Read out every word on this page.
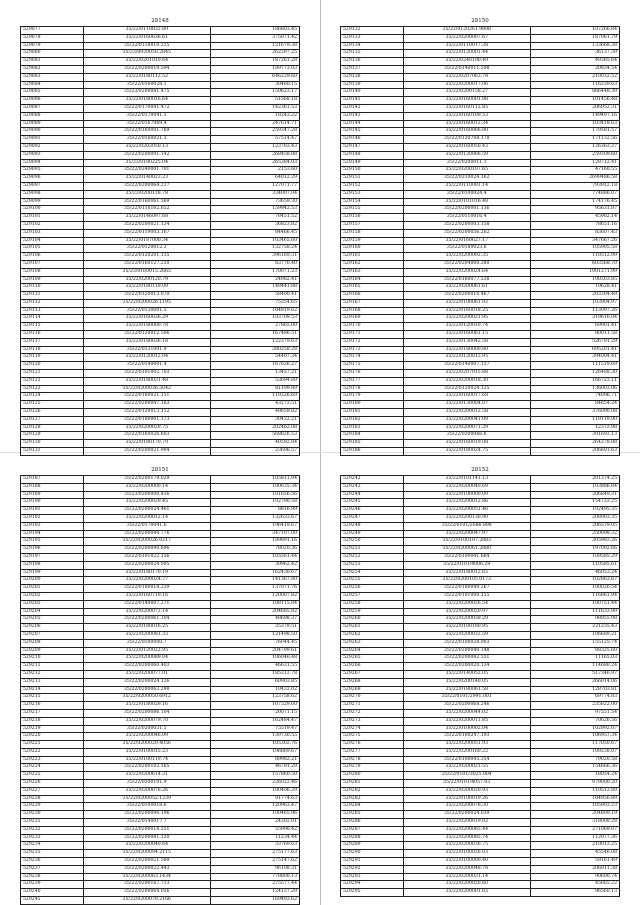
28148
529077	35/22/0118832.89	186803.45
529078	35/22/0160636.61	375071.42
529079	35/22/0118810.235	131679.38
529080	35/23/0920050.2845	262397.25
529081	35/22/0201010.64	187261.28
529082	35/22/0200019.594	189773.03
529083	35/22/0180112.52	646229.60
529084	35/22/0160028.1	30460.15
529085	35/23/0200081.475	150623.17
529086	35/22/0180016.64	51568.18
529087	35/22/0170041.472	142361.53
529088	35/22/0170041.1	18243.22
529089	35/22/0167069.4	247614.71
529090	35/22/0160001.769	259347.28
529091	35/22/0160021.3	57514.47
529092	35/22/0203050.13	123783.43
529093	35/22/0200091.142	268458.88
529094	35/23/0180225.04	265384.03
529095	35/22/0240001.701	2153.60
529096	35/22/0140023.23	64012.29
529097	35/22/0200064.237	127071.77
529098	35/23/0200118.78	334007.04
529099	35/22/0160061.569	73659.30
529100	35/22/0116162.652	159942.53
529101	35/22/0146097.68	78451.52
529102	35/22/0200021.134	36823.82
529103	35/22/0119003.167	84466.45
529104	35/22/0187000.34	103465.60
529105	35/22/0120012.3	132758.24
529106	35/22/0120201.135	396169.31
529107	35/22/0160127.250	83776.40
529108	35/23/0160015.2665	170071.23
529109	35/22/0200120.79	24982.41
529110	35/22/0180119.09	148441.88
529111	35/22/0120013.070	58400.41
529112	35/22/0200026.1195	75354.65
529113	35/22/0130001.5	104819.62
529114	35/22/0160036.29	103709.53
529115	35/22/0180000.78	27865.00
529116	35/22/0120012.506	167486.51
529117	35/22/0180036.18	122379.63
529118	35/22/0131001.9	280258.28
529119	35/22/0120012.04	54407.34
529120	35/22/0140001.4	167636.27
529121	35/22/0101002.703	13457.21
529122	35/22/0180031.48	53694.89
529123	35/22/0200036.5042	81199.89
529124	35/22/0160021.151	119326.69
529125	35/22/0200047.163	43273.51
529126	35/22/0120013.152	49659.82
529127	35/22/0100001.173	30432.21
529128	35/22/0200029.75	202462.08
529129	35/22/0160026.603	568826.53
529130	35/22/0180170.79	40592.84
529131	35/22/0200021.904	23696.57
28150
529132	35/22/0120261.9808	107266.84
529133	35/22/0200007.67	187061.79
529134	35/22/0110017.38	133668.38
529135	35/22/0120001.44	36137.39
529136	35/22/0240190.49	49385.64
529137	35/22/0140011.598	20834.54
529138	35/22/0207063.78	210032.52
529139	35/22/0200017.06	116239.63
529140	35/22/0200158.27	866448.39
529141	35/22/0160001.98	101456.48
529142	35/22/0160112.85	206052.31
529143	35/22/0160109.53	149497.16
529144	35/22/0160012.34	103418.63
529145	35/22/0160066.80	179581.57
529146	35/22/0120708.178	171132.56
529147	35/22/0160050.43	126363.27
529148	35/22/0120066.59	259309.60
529149	35/22/0200011.1	128712.41
529150	35/22/0200107.65	47160.55
529151	35/22/0210024.162	2699486.58
529152	35/22/0110091.14	793912.18
529153	35/22/0100024.4	774886.07
529154	35/22/0101016.48	174176.45
529155	35/22/0200001.136	95631.87
529156	35/22/0110016.4	45982.14
529157	35/22/0200003.158	78651.16
529158	35/22/0200056.262	83607.43
529159	35/22/0160627.17	347667.26
529160	35/22/0180023.6	105905.58
529161	35/22/0200092.35	110312.99
529162	35/22/0204000.280	603568.70
529163	35/22/0200024.64	1001271.99
529164	35/22/0160077.538	100303.85
529165	35/22/0200061.61	19628.41
529166	35/22/0200016.467	203304.49
529167	35/22/0100061.92	103904.97
529168	35/22/0160018.25	113097.26
529169	35/22/0200021.95	319616.04
529170	35/22/0120010.74	69901.41
529171	35/22/0160061.15	80011.58
529172	35/22/0130042.58	526791.29
529173	35/22/0180000.80	695201.41
529174	35/22/0120013.95	394004.41
529175	35/22/0140007.137	111519.69
529176	35/22/0207015.88	126488.30
529177	35/22/0200018.30	166723.11
529178	35/22/0120024.135	136003.06
529179	35/22/0160017.68	74096.71
529180	35/22/0130004.07	84654.24
529181	35/22/0200012.58	376090.08
529182	35/22/0200041.09	119119.90
529183	35/22/0200071.29	12372.98
529184	35/22/0200066.6	391693.13
529185	35/22/0160019.08	264278.88
529186	35/22/0180024.75	206601.63
28151
529187	35/22/0200179.029	105811.94
529188	35/22/0200000.14	100635.34
529189	35/23/0200000.436	101656.56
529190	35/22/0200029.45	102790.58
529191	35/22/0200024.461	8816.99
529192	35/22/0200012.14	132633.67
529193	35/22/0170041.6	196419.67
529194	35/22/0200044.776	347107.00
529195	35/22/0200026.0217	189891.16
529196	35/22/0200090.696	78020.36
529197	35/22/0101022.156	105561.44
529198	35/22/0200024.095	30962.42
529199	35/22/0180170.19	162430.67
529200	35/22/0200024.77	141367.80
529201	35/22/0100018.239	137071.76
529202	35/22/0160719.16	120007.82
529203	35/22/0140007.271	108115.84
529204	35/22/0200072.14	204685.82
529205	35/22/0200061.104	48698.37
529206	35/22/0180016.25	35379.51
529207	35/22/0200081.33	121498.50
529208	35/22/0100000.7	76044.45
529209	35/22/0120022.95	204799.61
529210	35/22/0200089.04	106046.48
529211	35/22/0200060.403	46631.55
529212	35/22/0200077.01	185312.78
529213	35/22/0200024.126	60903.85
529214	35/22/0200063.290	10433.02
529215	35/22/0200050.6912	123758.62
529216	35/22/0180029.16	107329.60
529217	35/22/0200086.104	20071.15
529218	35/22/0200079.70	162484.47
529219	35/22/0200031.5	75519.47
529220	35/22/0200046.09	139730.55
529221	35/22/0200029.4056	105302.76
529222	35/22/0100015.23	196869.67
529223	35/22/0100119.74	89982.21
529224	35/22/0200102.165	46791.29
529225	35/22/0200614.31	157860.50
529226	35/22/0200101.9	226022.46
529227	35/22/0200076.26	100406.29
529228	35/22/0200052.1239	91774.63
529229	35/22/0100018.6	120963.47
529230	35/22/0200096.196	100465.96
529231	35/22/0140017.7	24302.01
529232	35/22/0200018.251	55990.42
529233	35/22/0200081.120	11234.44
529234	35/22/0200040.64	33769.63
529235	35/22/0200094.2115	275177.63
529236	35/22/0200021.589	275147.62
529237	35/22/0200022.443	96108.31
529238	35/22/0200063.1434	778800.13
529239	35/22/0200167.713	275577.44
529240	35/22/0200064.056	124137.29
529241	35/22/0200078.2166	169493.62
28152
529242	35/22/0101141.13	201374.25
529243	35/22/0200040.69	103886.84
529244	35/22/0100000.09	206849.31
529245	35/22/0200012.86	154733.25
529246	35/22/0200051.46	102495.35
529247	35/22/0200130.90	208903.35
529248	35/22/0101/2686.898	206579.05
529249	35/22/0200047.97	250098.32
529250	35/22/0100107.2883	305983.26
529251	35/22/0200061.2880	197092.66
529252	35/22/0100041.664	109585.29
529253	35/22/0101/4006.29	110585.61
529254	35/22/0180012.65	46053.24
529255	35/22/0200105.0173	102863.67
529256	35/22/0100049.267	100026.54
529257	35/22/0101000.155	116861.94
529258	35/22/0200026.54	100751.44
529259	35/22/0200020.97	111633.99
529260	35/22/0200038.29	98955.98
529261	35/22/0100180.95	221235.43
529262	35/22/0200032.59	106689.21
529263	35/22/0100028.903	155125.74
529264	35/22/0200040.148	88325.60
529265	35/22/0200082.551	11165.03
529266	35/22/0200020.134	114680.24
529267	35/22/0140052.05	517346.97
529268	35/22/0200140.05	266014.06
529269	35/22/0180061.58	128703.81
529270	35/22/0101/2991.001	69774.83
529271	35/22/0200068.246	235822.00
529272	35/22/0200044.02	97551.54
529273	35/22/0200011.85	70626.56
529274	35/22/0100002.04	102992.07
529275	35/22/0100247.193	106957.34
529276	35/22/0200051.93	117050.67
529277	35/22/0200160.22	109238.07
529278	35/22/0100045.354	79020.58
529279	35/22/0200021.55	154666.36
529280	35/22/0101/3025.004	18054.24
529281	35/22/0101/4057.03	979000.20
529282	35/22/0200020.93	110512.89
529283	35/22/0100019.26	104956.89
529284	35/22/0200078.30	105903.23
529285	35/22/0200024.039	204809.19
529286	35/22/0200019.02	318008.28
529287	35/22/0200065.44	271069.07
529288	35/22/0200085.74	112077.36
529289	35/22/0200036.75	210013.25
529290	35/22/0100026.03	45546.08
529291	35/22/0100000.40	59161.49
529292	35/22/0200048.78	206011.38
529293	35/22/0200031.14	90600.74
529294	35/22/0200020.60	45665.22
529295	35/22/0200001.65	96560.13
